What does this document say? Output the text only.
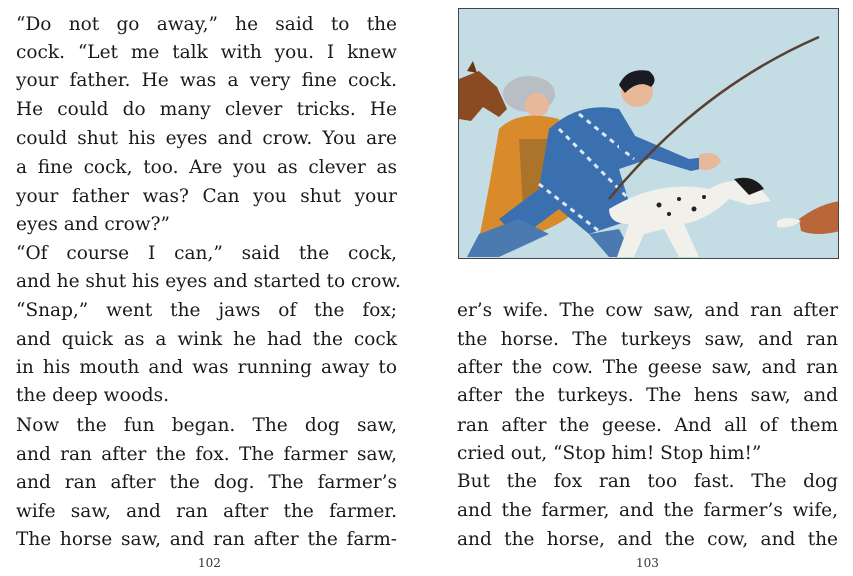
“Do not go away,” he said to the
cock. “Let me talk with you. I knew
your father. He was a very fine cock.
He could do many clever tricks. He
could shut his eyes and crow. You are
a fine cock, too. Are you as clever as
your father was? Can you shut your
eyes and crow?”
“Of course I can,” said the cock,
and he shut his eyes and started to crow.
“Snap,” went the jaws of the fox;
and quick as a wink he had the cock
in his mouth and was running away to
the deep woods.
Now the fun began. The dog saw,
and ran after the fox. The farmer saw,
and ran after the dog. The farmer’s
wife saw, and ran after the farmer.
The horse saw, and ran after the farm-
102
er’s wife. The cow saw, and ran after
the horse. The turkeys saw, and ran
after the cow. The geese saw, and ran
after the turkeys. The hens saw, and
ran after the geese. And all of them
cried out, “Stop him! Stop him!”
But the fox ran too fast. The dog
and the farmer, and the farmer’s wife,
and the horse, and the cow, and the
103
